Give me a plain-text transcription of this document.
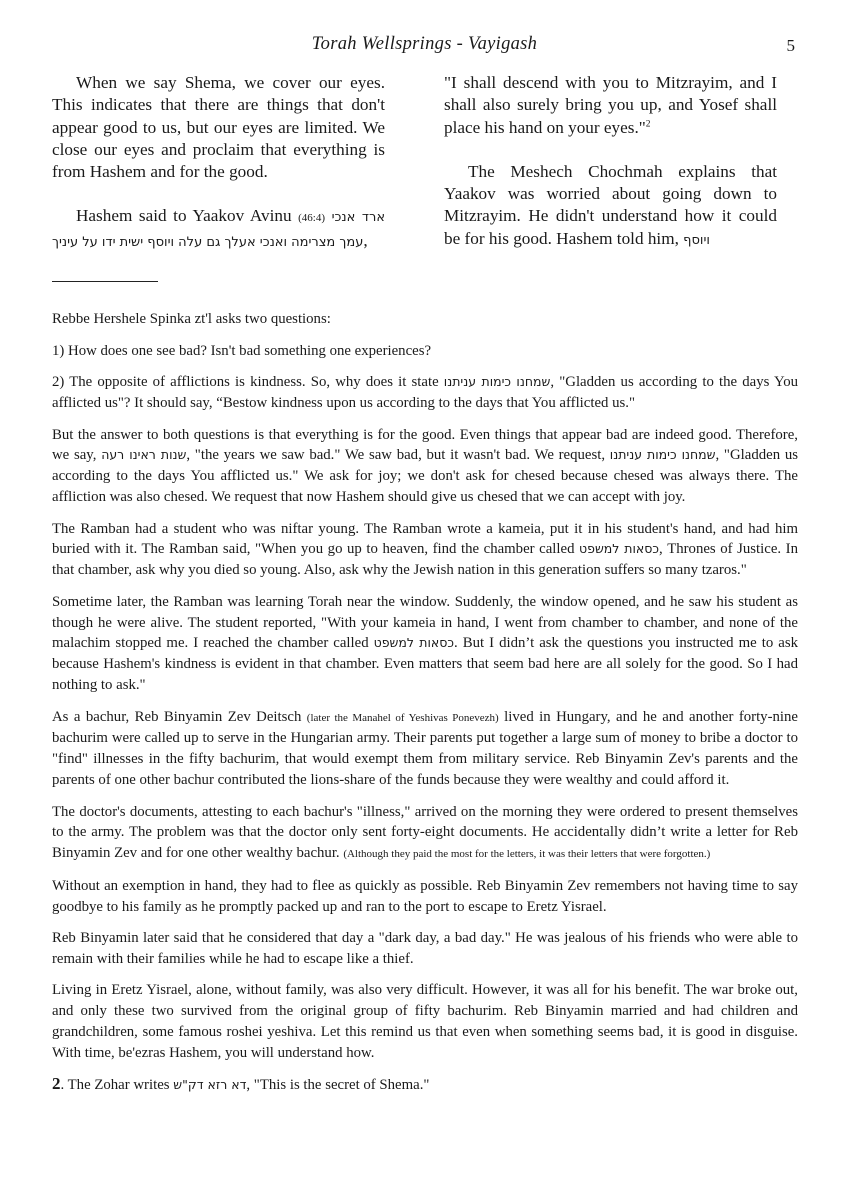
Torah Wellsprings - Vayigash	5

When we say Shema, we cover our eyes. This indicates that there are things that don't appear good to us, but our eyes are limited. We close our eyes and proclaim that everything is from Hashem and for the good.

Hashem said to Yaakov Avinu (46:4) אנכי ארד עמך מצרימה ואנכי אעלך גם עלה ויוסף ישית ידו על עיניך,

"I shall descend with you to Mitzrayim, and I shall also surely bring you up, and Yosef shall place his hand on your eyes."$^2$

The Meshech Chochmah explains that Yaakov was worried about going down to Mitzrayim. He didn't understand how it could be for his good. Hashem told him, ויוסף

Rebbe Hershele Spinka zt'l asks two questions:

1) How does one see bad? Isn't bad something one experiences?

2) The opposite of afflictions is kindness. So, why does it state שמחנו כימות עניתנו, "Gladden us according to the days You afflicted us"? It should say, “Bestow kindness upon us according to the days that You afflicted us."

But the answer to both questions is that everything is for the good. Even things that appear bad are indeed good. Therefore, we say, שנות ראינו רעה, "the years we saw bad." We saw bad, but it wasn't bad. We request, שמחנו כימות עניתנו, "Gladden us according to the days You afflicted us." We ask for joy; we don't ask for chesed because chesed was always there. The affliction was also chesed. We request that now Hashem should give us chesed that we can accept with joy.

The Ramban had a student who was niftar young. The Ramban wrote a kameia, put it in his student's hand, and had him buried with it. The Ramban said, "When you go up to heaven, find the chamber called כסאות למשפט, Thrones of Justice. In that chamber, ask why you died so young. Also, ask why the Jewish nation in this generation suffers so many tzaros."

Sometime later, the Ramban was learning Torah near the window. Suddenly, the window opened, and he saw his student as though he were alive. The student reported, "With your kameia in hand, I went from chamber to chamber, and none of the malachim stopped me. I reached the chamber called כסאות למשפט. But I didn’t ask the questions you instructed me to ask because Hashem's kindness is evident in that chamber. Even matters that seem bad here are all solely for the good. So I had nothing to ask."

As a bachur, Reb Binyamin Zev Deitsch (later the Manahel of Yeshivas Ponevezh) lived in Hungary, and he and another forty-nine bachurim were called up to serve in the Hungarian army. Their parents put together a large sum of money to bribe a doctor to "find" illnesses in the fifty bachurim, that would exempt them from military service. Reb Binyamin Zev's parents and the parents of one other bachur contributed the lions-share of the funds because they were wealthy and could afford it.

The doctor's documents, attesting to each bachur's "illness," arrived on the morning they were ordered to present themselves to the army. The problem was that the doctor only sent forty-eight documents. He accidentally didn’t write a letter for Reb Binyamin Zev and for one other wealthy bachur. (Although they paid the most for the letters, it was their letters that were forgotten.)

Without an exemption in hand, they had to flee as quickly as possible. Reb Binyamin Zev remembers not having time to say goodbye to his family as he promptly packed up and ran to the port to escape to Eretz Yisrael.

Reb Binyamin later said that he considered that day a "dark day, a bad day." He was jealous of his friends who were able to remain with their families while he had to escape like a thief.

Living in Eretz Yisrael, alone, without family, was also very difficult. However, it was all for his benefit. The war broke out, and only these two survived from the original group of fifty bachurim. Reb Binyamin married and had children and grandchildren, some famous roshei yeshiva. Let this remind us that even when something seems bad, it is good in disguise. With time, be'ezras Hashem, you will understand how.

2. The Zohar writes דא רזא דק"ש, "This is the secret of Shema."
